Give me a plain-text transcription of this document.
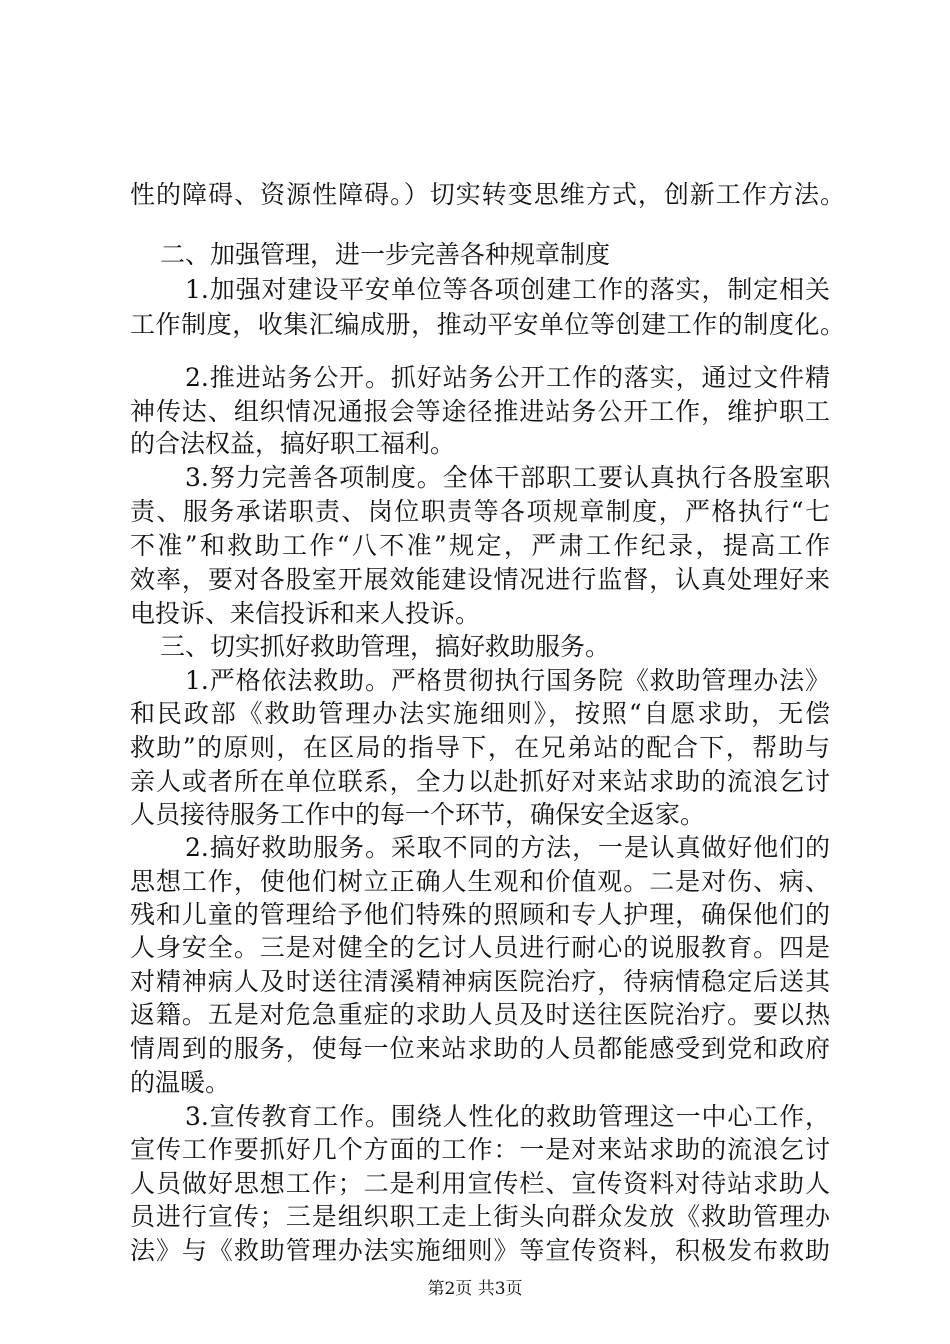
性的障碍、资源性障碍。）切实转变思维方式，创新工作方法。
二、加强管理，进一步完善各种规章制度
1.加强对建设平安单位等各项创建工作的落实，制定相关
工作制度，收集汇编成册，推动平安单位等创建工作的制度化。
2.推进站务公开。抓好站务公开工作的落实，通过文件精
神传达、组织情况通报会等途径推进站务公开工作，维护职工
的合法权益，搞好职工福利。
3.努力完善各项制度。全体干部职工要认真执行各股室职
责、服务承诺职责、岗位职责等各项规章制度，严格执行“七
不准”和救助工作“八不准”规定，严肃工作纪录，提高工作
效率，要对各股室开展效能建设情况进行监督，认真处理好来
电投诉、来信投诉和来人投诉。
三、切实抓好救助管理，搞好救助服务。
1.严格依法救助。严格贯彻执行国务院《救助管理办法》
和民政部《救助管理办法实施细则》，按照“自愿求助，无偿
救助”的原则，在区局的指导下，在兄弟站的配合下，帮助与
亲人或者所在单位联系，全力以赴抓好对来站求助的流浪乞讨
人员接待服务工作中的每一个环节，确保安全返家。
2.搞好救助服务。采取不同的方法，一是认真做好他们的
思想工作，使他们树立正确人生观和价值观。二是对伤、病、
残和儿童的管理给予他们特殊的照顾和专人护理，确保他们的
人身安全。三是对健全的乞讨人员进行耐心的说服教育。四是
对精神病人及时送往清溪精神病医院治疗，待病情稳定后送其
返籍。五是对危急重症的求助人员及时送往医院治疗。要以热
情周到的服务，使每一位来站求助的人员都能感受到党和政府
的温暖。
3.宣传教育工作。围绕人性化的救助管理这一中心工作，
宣传工作要抓好几个方面的工作：一是对来站求助的流浪乞讨
人员做好思想工作；二是利用宣传栏、宣传资料对待站求助人
员进行宣传；三是组织职工走上街头向群众发放《救助管理办
法》与《救助管理办法实施细则》等宣传资料，积极发布救助
第2页 共3页
